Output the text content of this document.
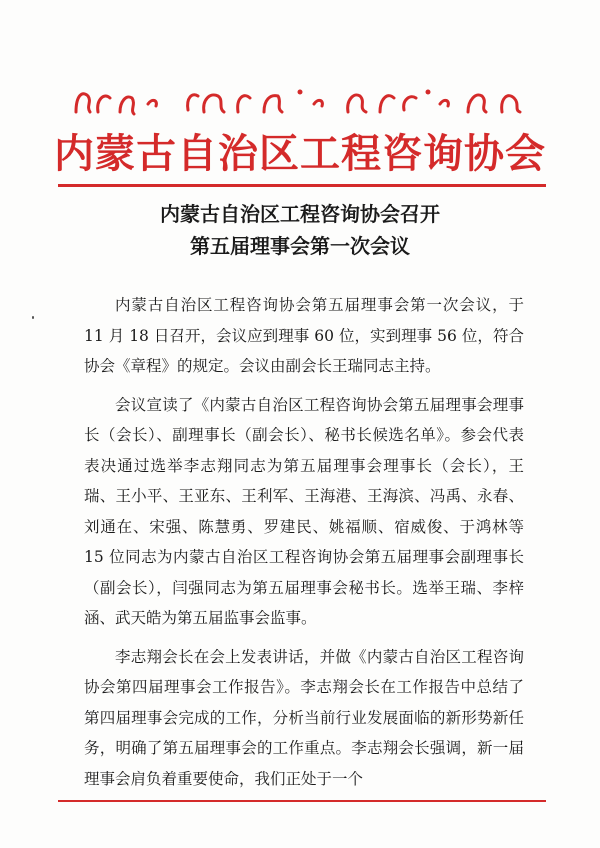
内蒙古自治区工程咨询协会
内蒙古自治区工程咨询协会召开
第五届理事会第一次会议

内蒙古自治区工程咨询协会第五届理事会第一次会议，于 11 月 18 日召开，会议应到理事 60 位，实到理事 56 位，符合协会《章程》的规定。会议由副会长王瑞同志主持。

会议宣读了《内蒙古自治区工程咨询协会第五届理事会理事长（会长）、副理事长（副会长）、秘书长候选名单》。参会代表表决通过选举李志翔同志为第五届理事会理事长（会长），王瑞、王小平、王亚东、王利军、王海港、王海滨、冯禹、永春、刘通在、宋强、陈慧勇、罗建民、姚福顺、宿威俊、于鸿林等 15 位同志为内蒙古自治区工程咨询协会第五届理事会副理事长（副会长），闫强同志为第五届理事会秘书长。选举王瑞、李梓涵、武天皓为第五届监事会监事。

李志翔会长在会上发表讲话，并做《内蒙古自治区工程咨询协会第四届理事会工作报告》。李志翔会长在工作报告中总结了第四届理事会完成的工作，分析当前行业发展面临的新形势新任务，明确了第五届理事会的工作重点。李志翔会长强调，新一届理事会肩负着重要使命，我们正处于一个
